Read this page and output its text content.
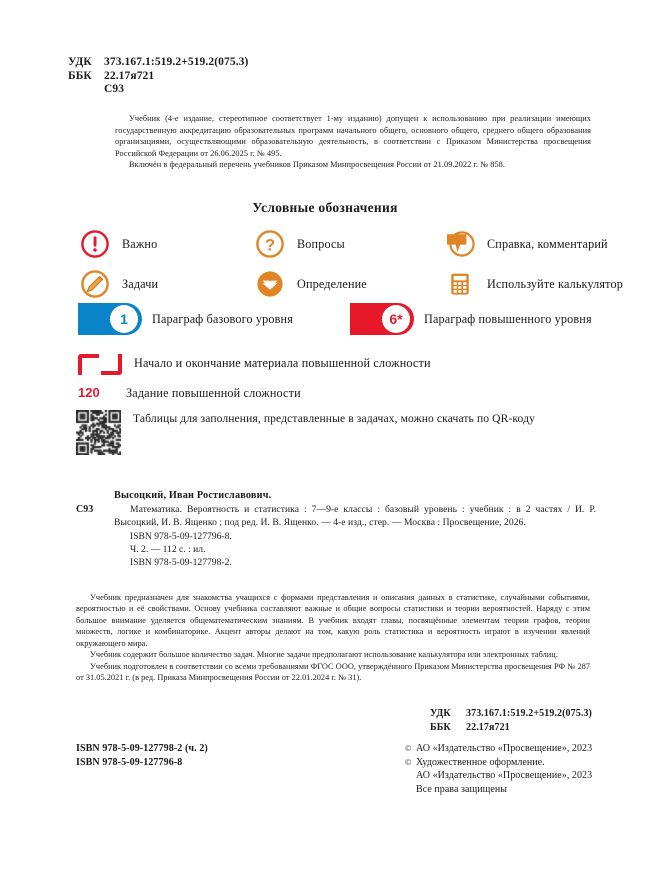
УДК	373.167.1:519.2+519.2(075.3)
ББК	22.17я721
С93

Учебник (4-е издание, стереотипное соответствует 1-му изданию) допущен к использованию при реализации имеющих государственную аккредитацию образовательных программ начального общего, основного общего, среднего общего образования организациями, осуществляющими образовательную деятельность, в соответствии с Приказом Министерства просвещения Российской Федерации от 26.06.2025 г. № 495.

Включён в федеральный перечень учебников Приказом Минпросвещения России от 21.09.2022 г. № 858.

Условные обозначения
Важно	?	Вопросы	Справка, комментарий
Задачи	Определение	Используйте калькулятор
1	Параграф базового уровня	6*	Параграф повышенного уровня
Начало и окончание материала повышенной сложности
120	Задание повышенной сложности
Таблицы для заполнения, представленные в задачах, можно скачать по QR-коду
С93
Высоцкий, Иван Ростиславович.
Математика. Вероятность и статистика : 7—9-е классы : базовый уровень : учебник : в 2 частях / И. Р. Высоцкий, И. В. Ященко ; под ред. И. В. Ященко. — 4-е изд., стер. — Москва : Просвещение, 2026.
ISBN 978-5-09-127796-8.
Ч. 2. — 112 с. : ил.
ISBN 978-5-09-127798-2.

Учебник предназначен для знакомства учащихся с формами представления и описания данных в статистике, случайными событиями, вероятностью и её свойствами. Основу учебника составляют важные и общие вопросы статистики и теории вероятностей. Наряду с этим большое внимание уделяется общематематическим знаниям. В учебник входят главы, посвящённые элементам теории графов, теории множеств, логике и комбинаторике. Акцент авторы делают на том, какую роль статистика и вероятность играют в изучении явлений окружающего мира.

Учебник содержит большое количество задач. Многие задачи предполагают использование калькулятора или электронных таблиц.

Учебник подготовлен в соответствии со всеми требованиями ФГОС ООО, утверждённого Приказом Министерства просвещения РФ № 287 от 31.05.2021 г. (в ред. Приказа Минпросвещения России от 22.01.2024 г. № 31).

УДК	373.167.1:519.2+519.2(075.3)
ББК	22.17я721
ISBN 978-5-09-127798-2 (ч. 2)
ISBN 978-5-09-127796-8
© АО «Издательство «Просвещение», 2023
© Художественное оформление.
АО «Издательство «Просвещение», 2023
Все права защищены
